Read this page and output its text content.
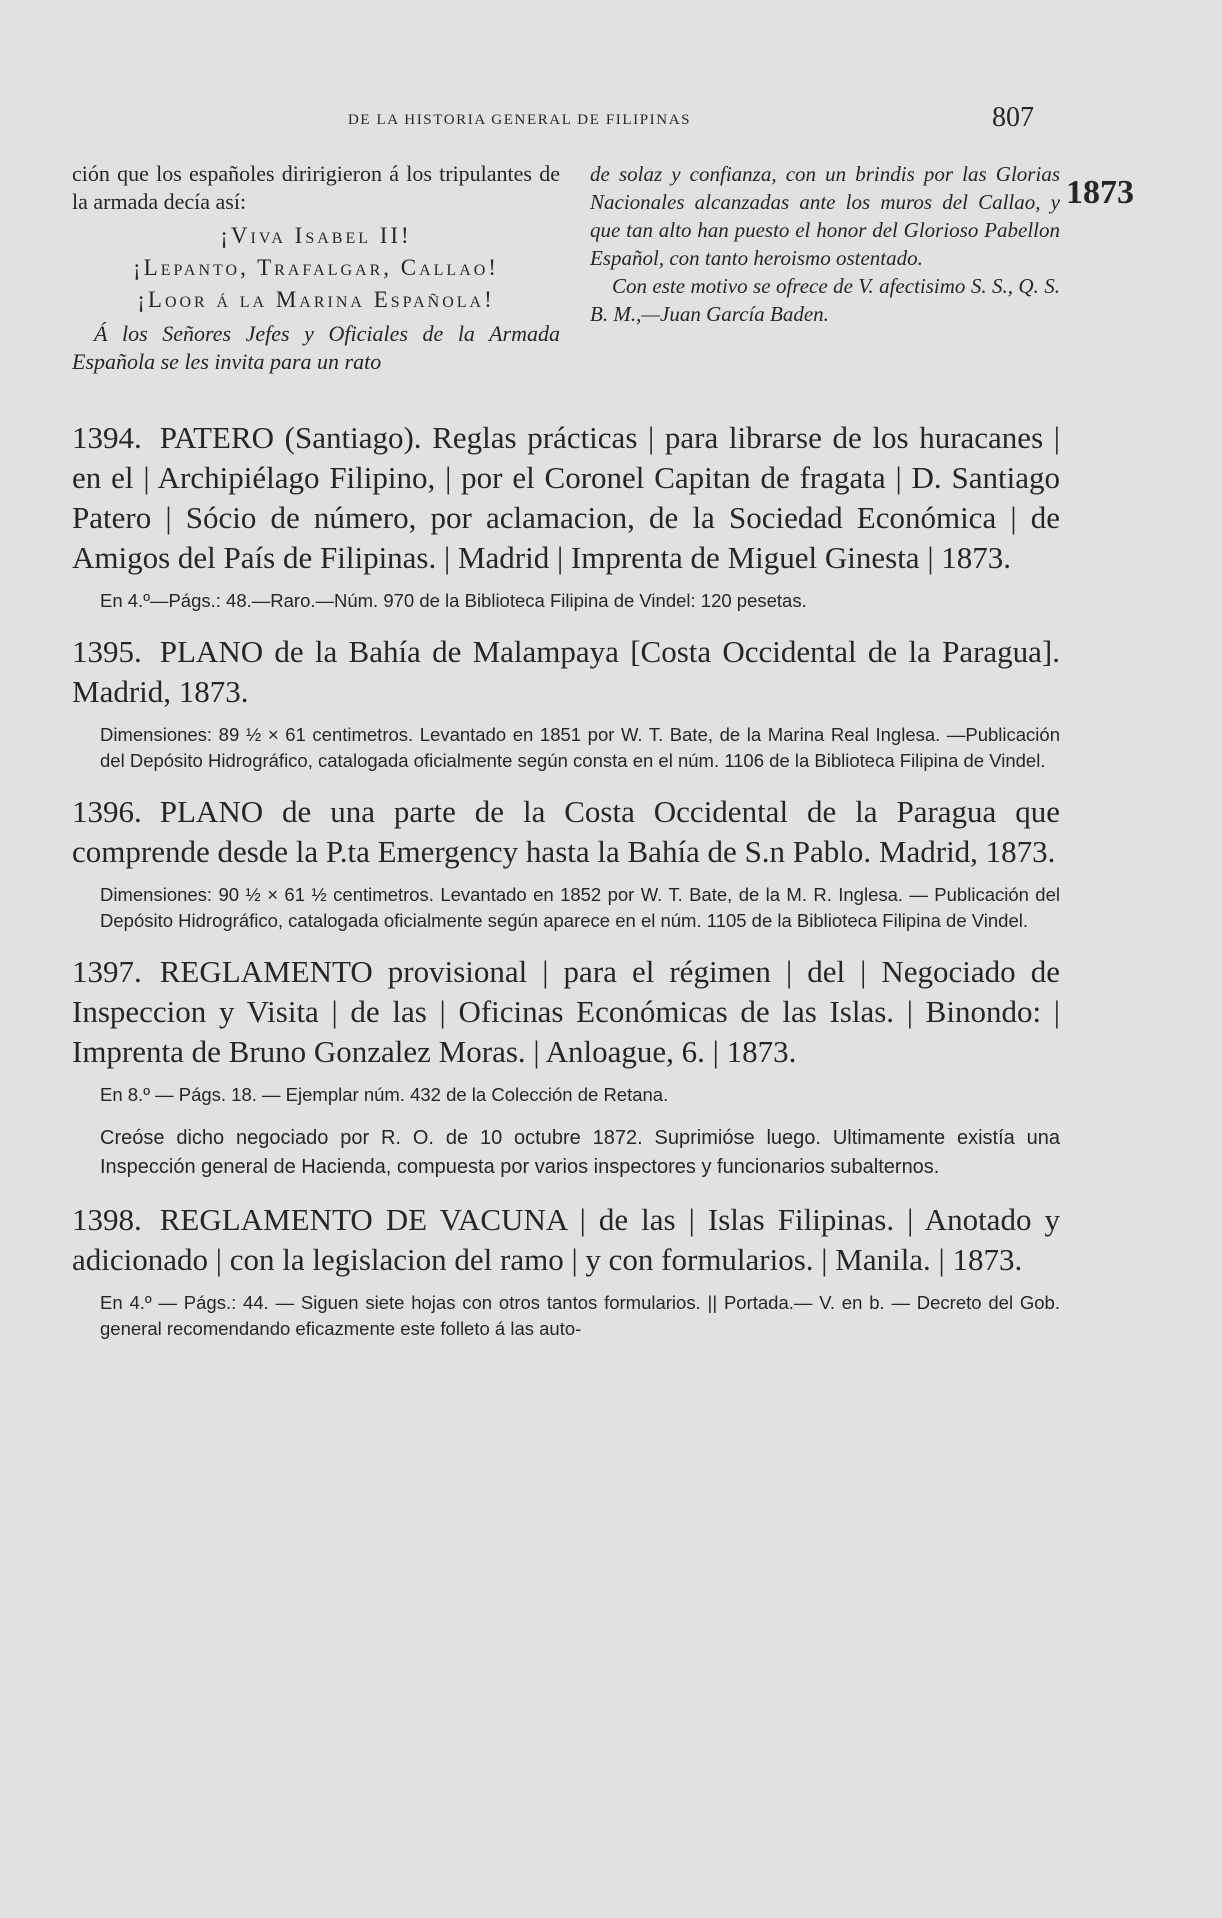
DE LA HISTORIA GENERAL DE FILIPINAS	807
1873
ción que los españoles diririgieron á los tripulantes de la armada decía así:
¡Viva Isabel II!
¡Lepanto, Trafalgar, Callao!
¡Loor á la Marina Española!
Á los Señores Jefes y Oficiales de la Armada Española se les invita para un rato
de solaz y confianza, con un brindis por las Glorias Nacionales alcanzadas ante los muros del Callao, y que tan alto han puesto el honor del Glorioso Pabellon Español, con tanto heroismo ostentado.
Con este motivo se ofrece de V. afectisimo S. S., Q. S. B. M.,—Juan García Baden.
1394. PATERO (Santiago). Reglas prácticas | para librarse de los huracanes | en el | Archipiélago Filipino, | por el Coronel Capitan de fragata | D. Santiago Patero | Sócio de número, por aclamacion, de la Sociedad Económica | de Amigos del País de Filipinas. | Madrid | Imprenta de Miguel Ginesta | 1873.
En 4.º—Págs.: 48.—Raro.—Núm. 970 de la Biblioteca Filipina de Vindel: 120 pesetas.
1395. PLANO de la Bahía de Malampaya [Costa Occidental de la Paragua]. Madrid, 1873.
Dimensiones: 89 ½ × 61 centimetros. Levantado en 1851 por W. T. Bate, de la Marina Real Inglesa. —Publicación del Depósito Hidrográfico, catalogada oficialmente según consta en el núm. 1106 de la Biblioteca Filipina de Vindel.
1396. PLANO de una parte de la Costa Occidental de la Paragua que comprende desde la P.ta Emergency hasta la Bahía de S.n Pablo. Madrid, 1873.
Dimensiones: 90 ½ × 61 ½ centimetros. Levantado en 1852 por W. T. Bate, de la M. R. Inglesa. — Publicación del Depósito Hidrográfico, catalogada oficialmente según aparece en el núm. 1105 de la Biblioteca Filipina de Vindel.
1397. REGLAMENTO provisional | para el régimen | del | Negociado de Inspeccion y Visita | de las | Oficinas Económicas de las Islas. | Binondo: | Imprenta de Bruno Gonzalez Moras. | Anloague, 6. | 1873.
En 8.º — Págs. 18. — Ejemplar núm. 432 de la Colección de Retana.
Creóse dicho negociado por R. O. de 10 octubre 1872. Suprimióse luego. Ultimamente existía una Inspección general de Hacienda, compuesta por varios inspectores y funcionarios subalternos.
1398. REGLAMENTO DE VACUNA | de las | Islas Filipinas. | Anotado y adicionado | con la legislacion del ramo | y con formularios. | Manila. | 1873.
En 4.º — Págs.: 44. — Siguen siete hojas con otros tantos formularios. || Portada.— V. en b. — Decreto del Gob. general recomendando eficazmente este folleto á las auto-
